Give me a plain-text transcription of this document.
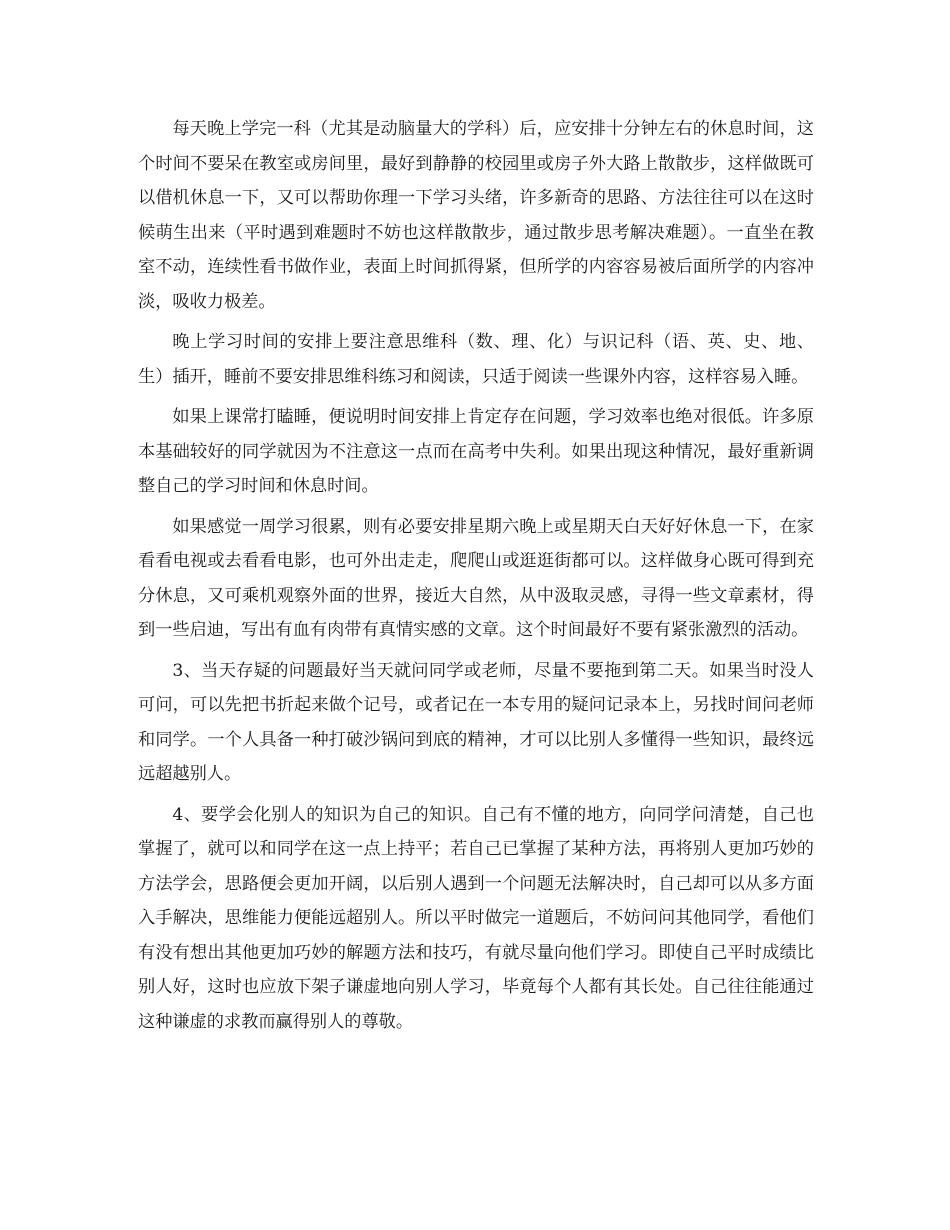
每天晚上学完一科（尤其是动脑量大的学科）后，应安排十分钟左右的休息时间，这个时间不要呆在教室或房间里，最好到静静的校园里或房子外大路上散散步，这样做既可以借机休息一下，又可以帮助你理一下学习头绪，许多新奇的思路、方法往往可以在这时候萌生出来（平时遇到难题时不妨也这样散散步，通过散步思考解决难题）。一直坐在教室不动，连续性看书做作业，表面上时间抓得紧，但所学的内容容易被后面所学的内容冲淡，吸收力极差。

晚上学习时间的安排上要注意思维科（数、理、化）与识记科（语、英、史、地、生）插开，睡前不要安排思维科练习和阅读，只适于阅读一些课外内容，这样容易入睡。

如果上课常打瞌睡，便说明时间安排上肯定存在问题，学习效率也绝对很低。许多原本基础较好的同学就因为不注意这一点而在高考中失利。如果出现这种情况，最好重新调整自己的学习时间和休息时间。

如果感觉一周学习很累，则有必要安排星期六晚上或星期天白天好好休息一下，在家看看电视或去看看电影，也可外出走走，爬爬山或逛逛街都可以。这样做身心既可得到充分休息，又可乘机观察外面的世界，接近大自然，从中汲取灵感，寻得一些文章素材，得到一些启迪，写出有血有肉带有真情实感的文章。这个时间最好不要有紧张激烈的活动。

3、当天存疑的问题最好当天就问同学或老师，尽量不要拖到第二天。如果当时没人可问，可以先把书折起来做个记号，或者记在一本专用的疑问记录本上，另找时间问老师和同学。一个人具备一种打破沙锅问到底的精神，才可以比别人多懂得一些知识，最终远远超越别人。

4、要学会化别人的知识为自己的知识。自己有不懂的地方，向同学问清楚，自己也掌握了，就可以和同学在这一点上持平；若自己已掌握了某种方法，再将别人更加巧妙的方法学会，思路便会更加开阔，以后别人遇到一个问题无法解决时，自己却可以从多方面入手解决，思维能力便能远超别人。所以平时做完一道题后，不妨问问其他同学，看他们有没有想出其他更加巧妙的解题方法和技巧，有就尽量向他们学习。即使自己平时成绩比别人好，这时也应放下架子谦虚地向别人学习，毕竟每个人都有其长处。自己往往能通过这种谦虚的求教而赢得别人的尊敬。
